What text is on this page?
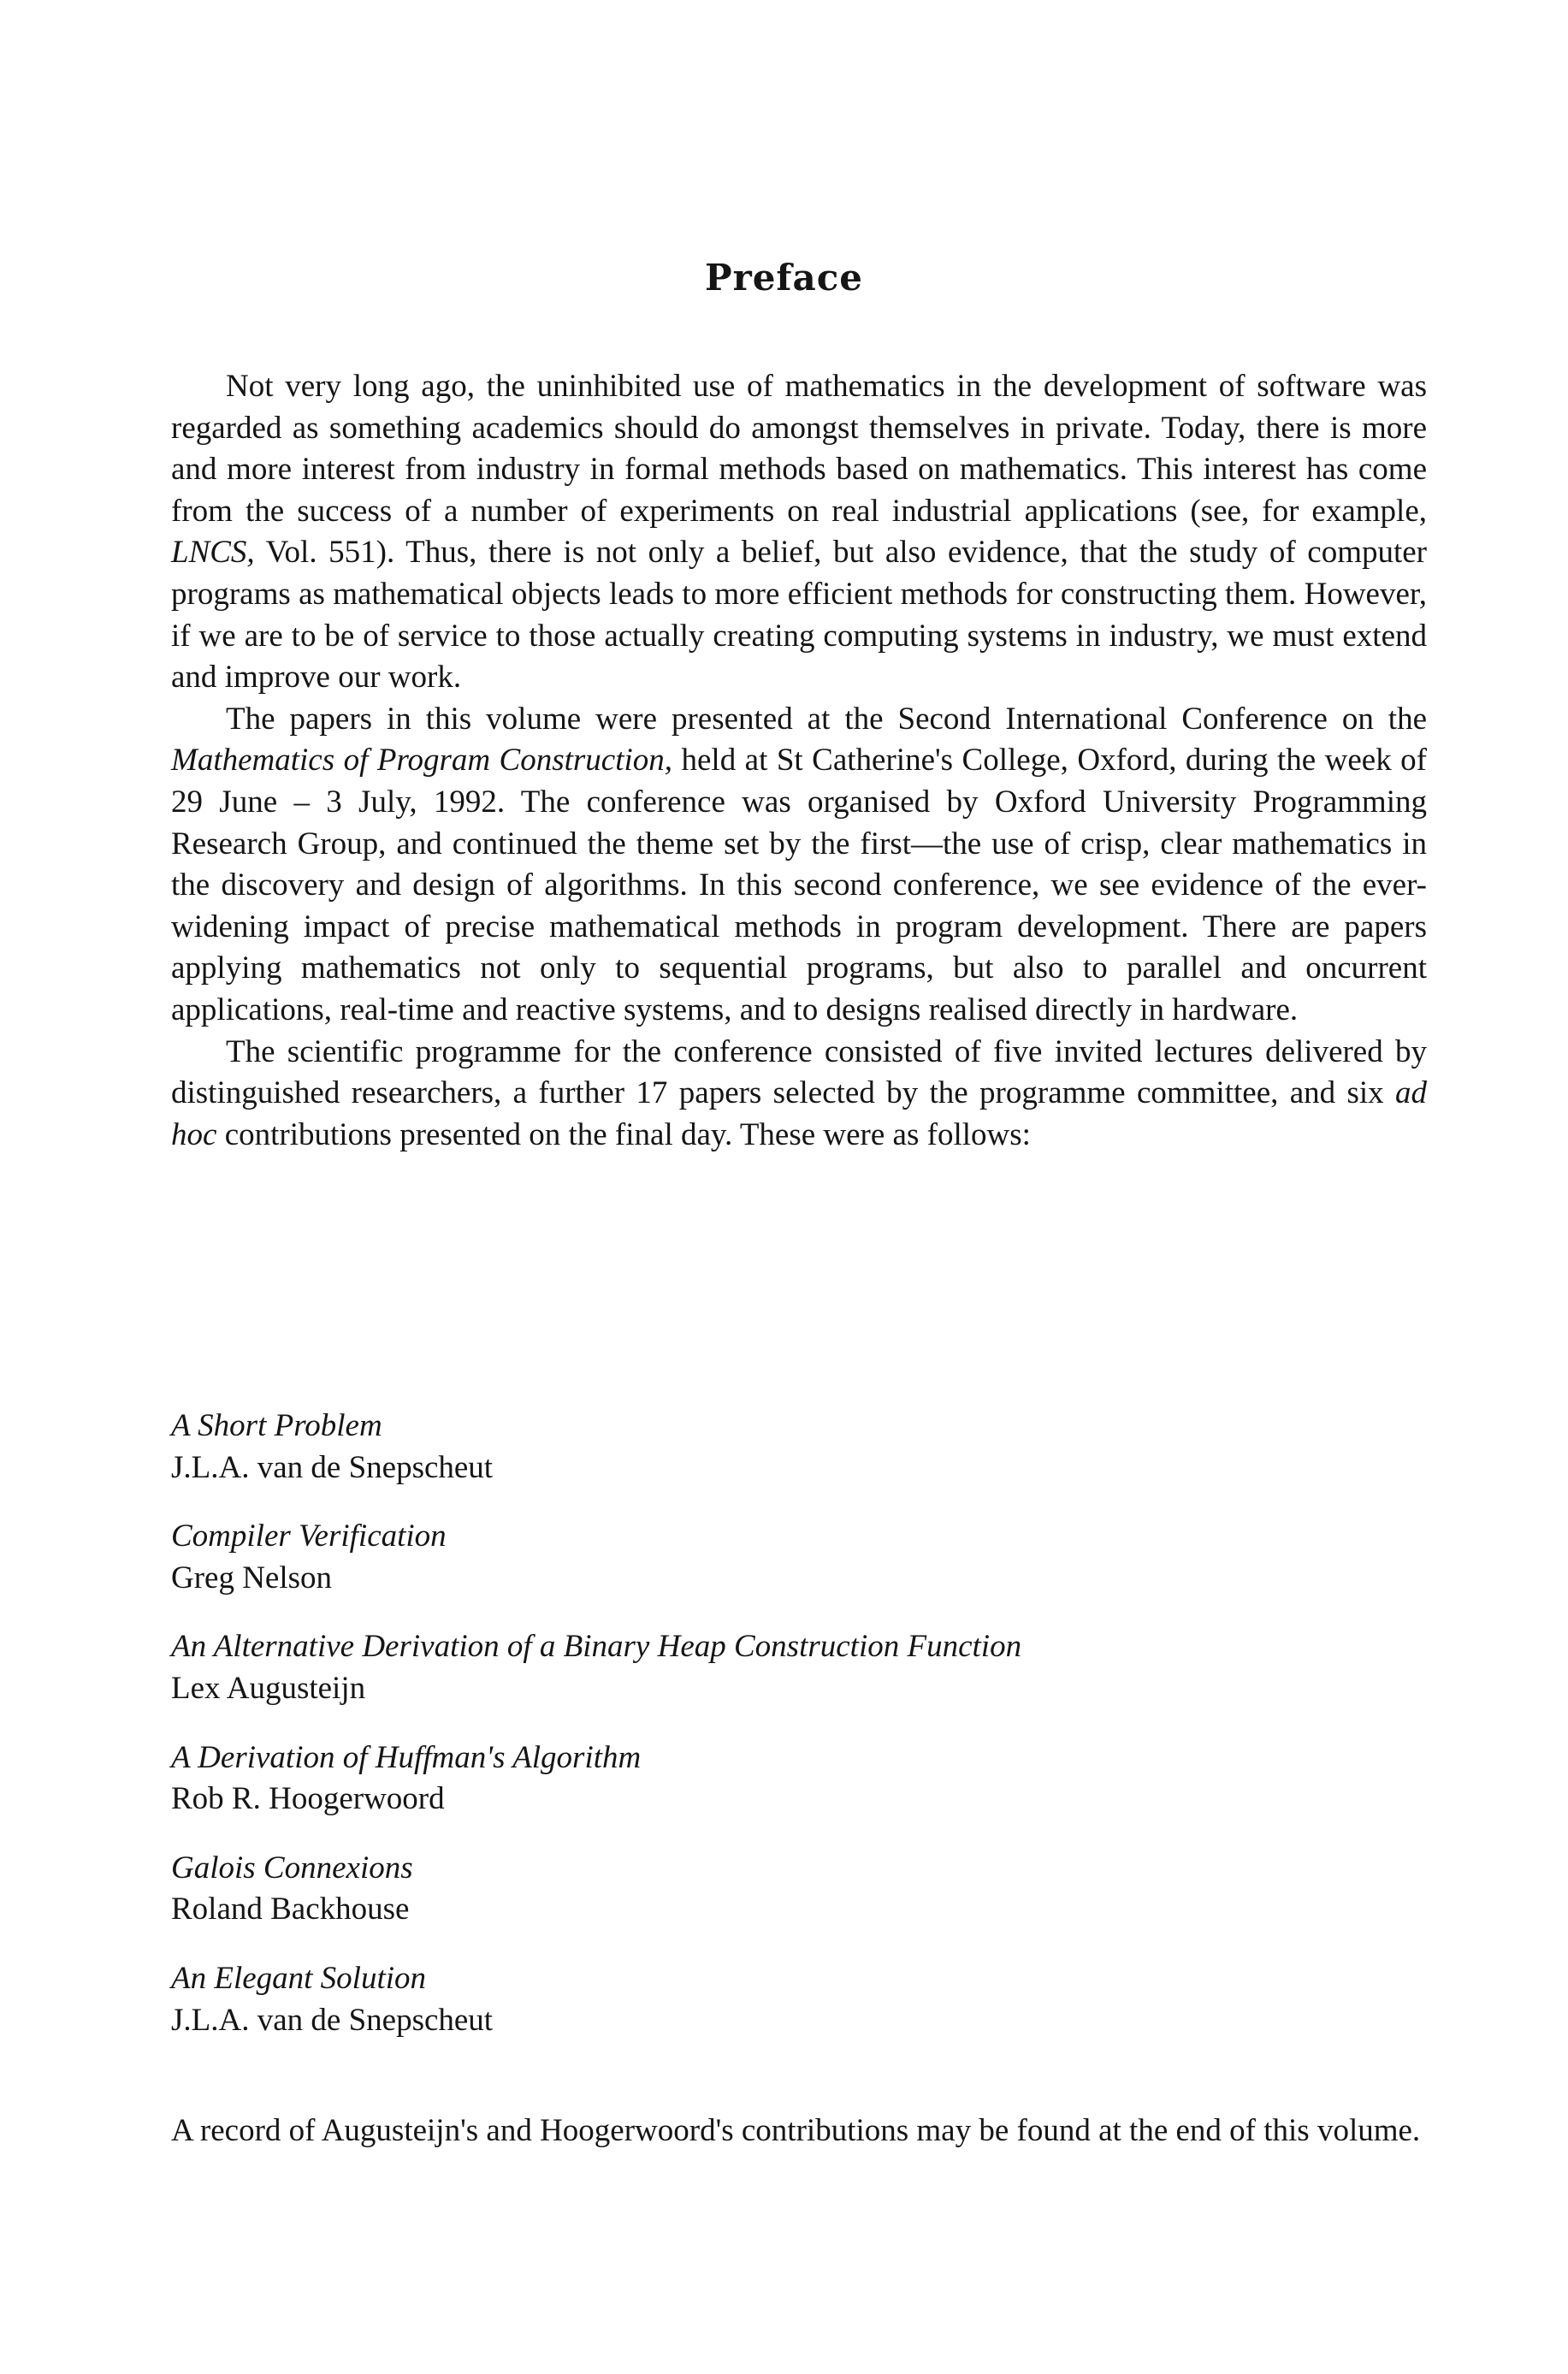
Preface

Not very long ago, the uninhibited use of mathematics in the development of software was regarded as something academics should do amongst themselves in private. Today, there is more and more interest from industry in formal methods based on mathematics. This interest has come from the success of a number of experiments on real industrial applications (see, for example, LNCS, Vol. 551). Thus, there is not only a belief, but also evidence, that the study of computer programs as mathematical objects leads to more efficient methods for constructing them. However, if we are to be of service to those actually creating computing systems in industry, we must extend and improve our work.

The papers in this volume were presented at the Second International Conference on the Mathematics of Program Construction, held at St Catherine's College, Oxford, during the week of 29 June – 3 July, 1992. The conference was organised by Oxford University Programming Research Group, and continued the theme set by the first—the use of crisp, clear mathematics in the discovery and design of algorithms. In this second conference, we see evidence of the ever-widening impact of precise mathematical methods in program development. There are papers applying mathematics not only to sequential programs, but also to parallel and oncurrent applications, real-time and reactive systems, and to designs realised directly in hardware.

The scientific programme for the conference consisted of five invited lectures delivered by distinguished researchers, a further 17 papers selected by the programme committee, and six ad hoc contributions presented on the final day. These were as follows:

A Short Problem
J.L.A. van de Snepscheut
Compiler Verification
Greg Nelson
An Alternative Derivation of a Binary Heap Construction Function
Lex Augusteijn
A Derivation of Huffman's Algorithm
Rob R. Hoogerwoord
Galois Connexions
Roland Backhouse
An Elegant Solution
J.L.A. van de Snepscheut

A record of Augusteijn's and Hoogerwoord's contributions may be found at the end of this volume.
